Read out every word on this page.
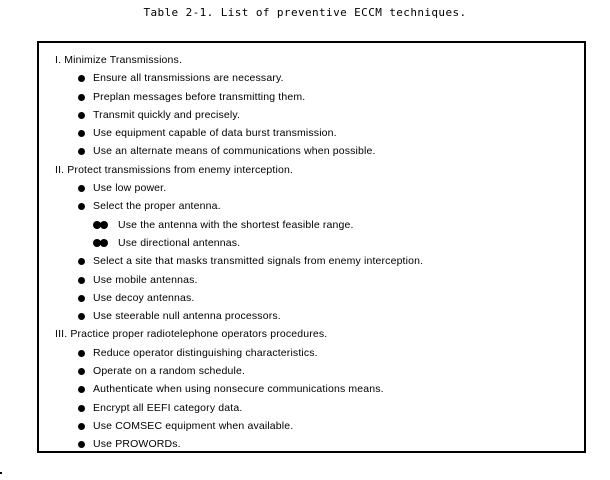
Table 2-1. List of preventive ECCM techniques.
I. Minimize Transmissions.
Ensure all transmissions are necessary.
Preplan messages before transmitting them.
Transmit quickly and precisely.
Use equipment capable of data burst transmission.
Use an alternate means of communications when possible.
II. Protect transmissions from enemy interception.
Use low power.
Select the proper antenna.
Use the antenna with the shortest feasible range.
Use directional antennas.
Select a site that masks transmitted signals from enemy interception.
Use mobile antennas.
Use decoy antennas.
Use steerable null antenna processors.
III. Practice proper radiotelephone operators procedures.
Reduce operator distinguishing characteristics.
Operate on a random schedule.
Authenticate when using nonsecure communications means.
Encrypt all EEFI category data.
Use COMSEC equipment when available.
Use PROWORDs.
